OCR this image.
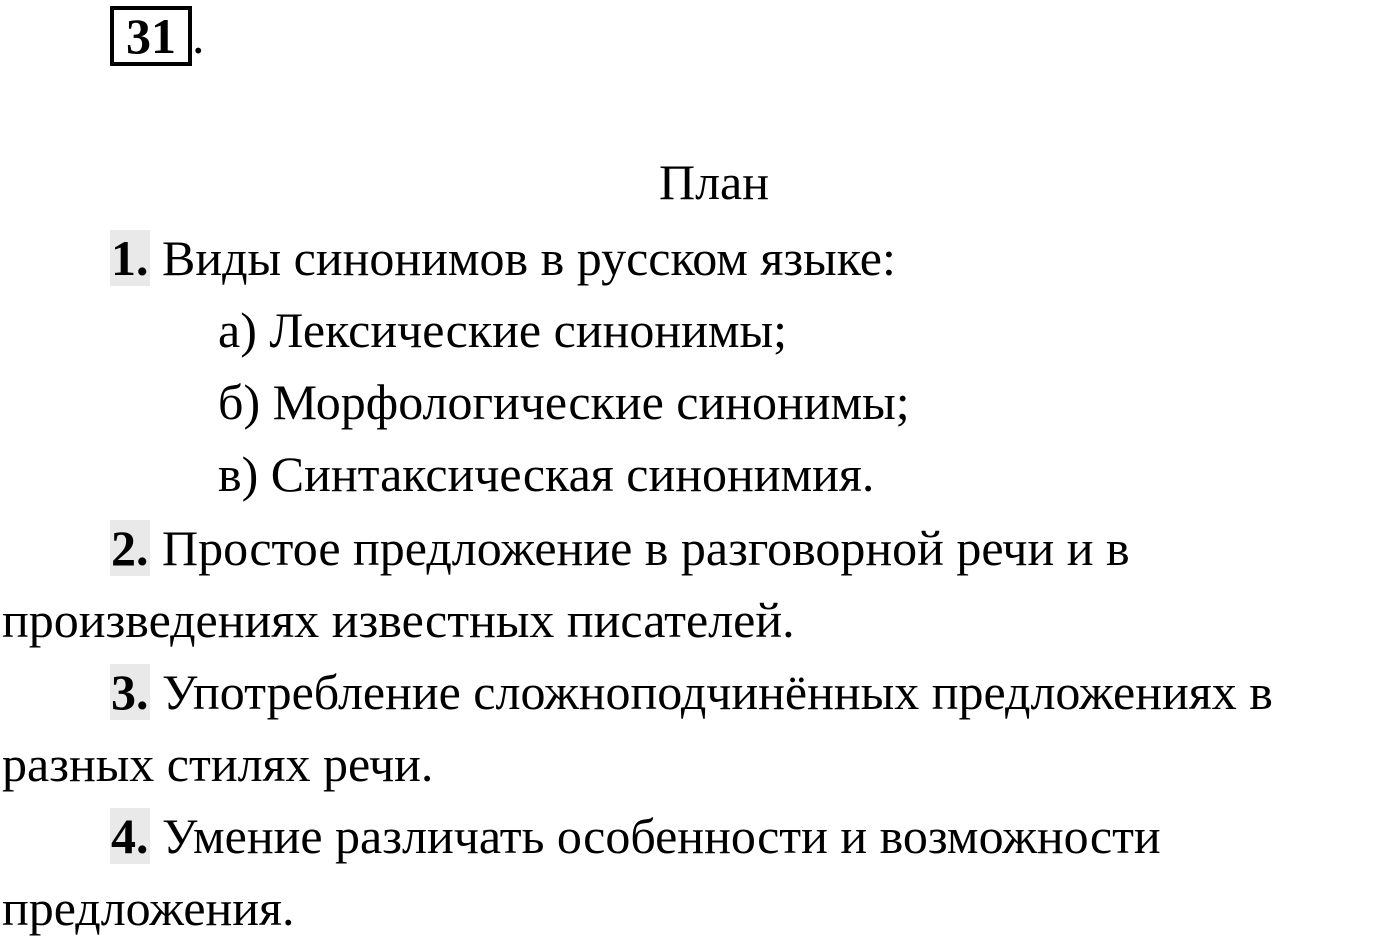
31 .
План
1. Виды синонимов в русском языке:
а) Лексические синонимы;
б) Морфологические синонимы;
в) Синтаксическая синонимия.
2. Простое предложение в разговорной речи и в
произведениях известных писателей.
3. Употребление сложноподчинённых предложениях в
разных стилях речи.
4. Умение различать особенности и возможности
предложения.
